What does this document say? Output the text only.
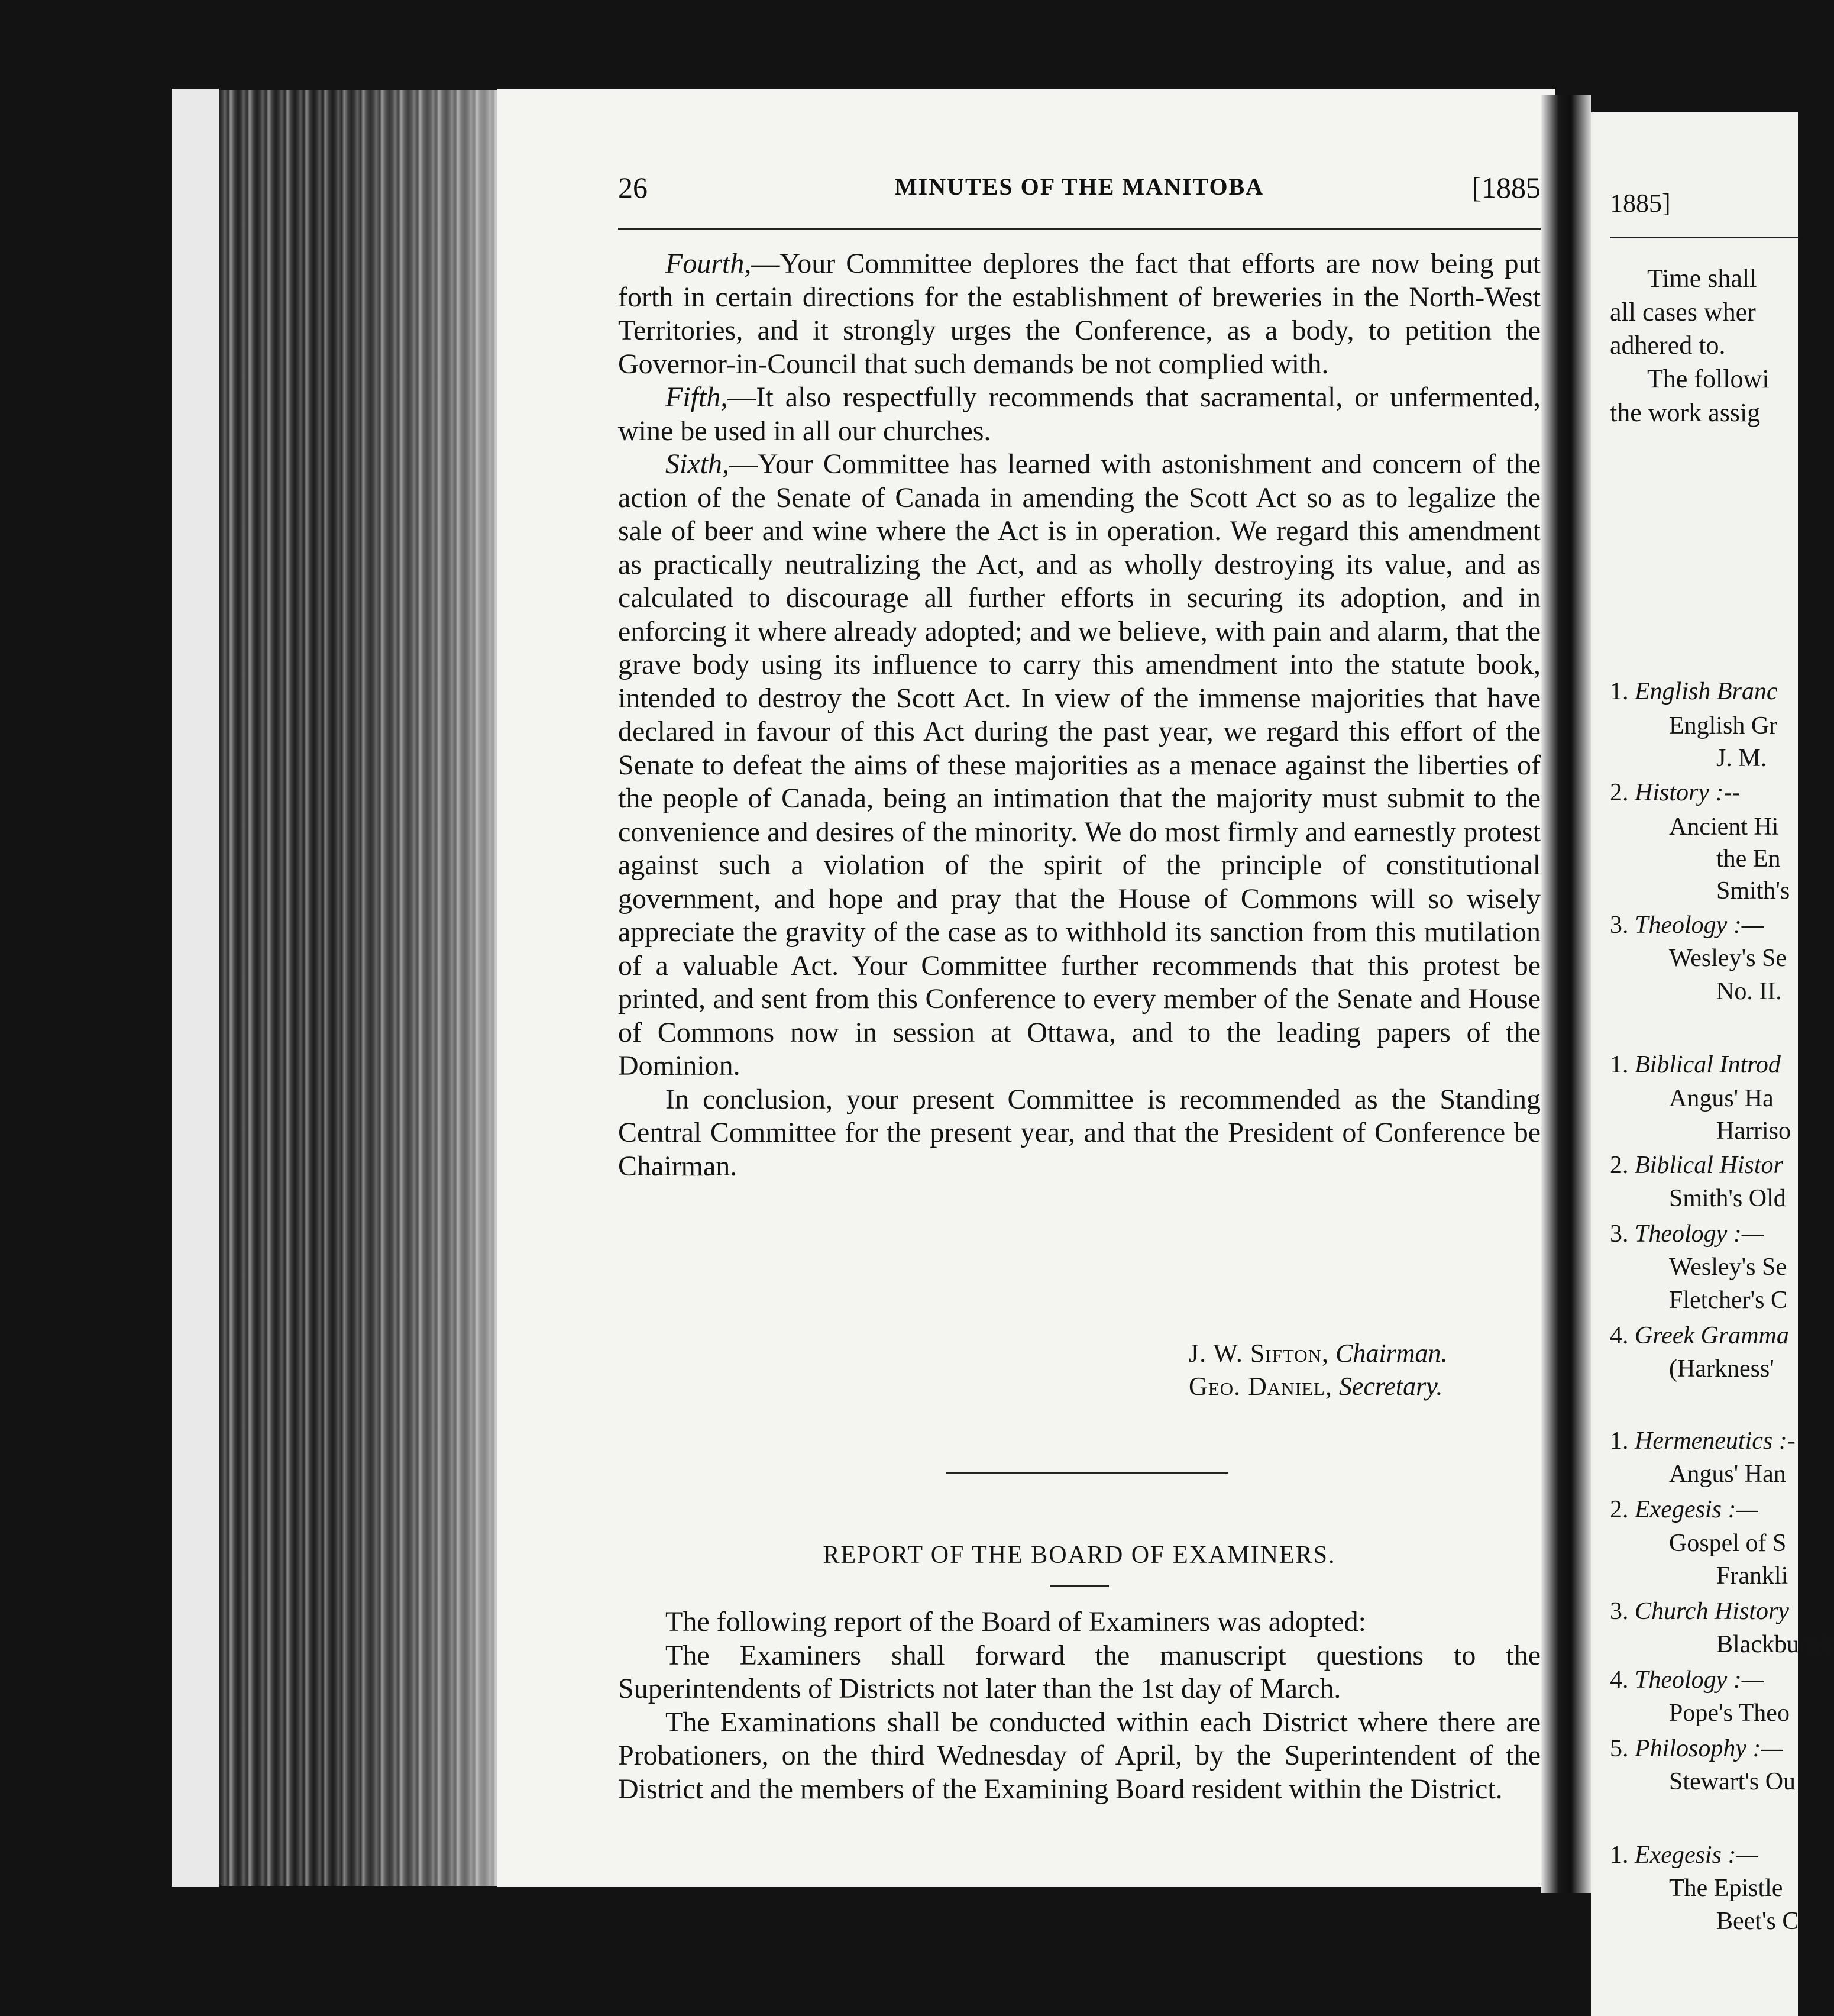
26	MINUTES OF THE MANITOBA	[1885

Fourth,—Your Committee deplores the fact that efforts are now being put forth in certain directions for the establishment of breweries in the North-West Territories, and it strongly urges the Conference, as a body, to petition the Governor-in-Council that such demands be not complied with.

Fifth,—It also respectfully recommends that sacramental, or unfermented, wine be used in all our churches.

Sixth,—Your Committee has learned with astonishment and concern of the action of the Senate of Canada in amending the Scott Act so as to legalize the sale of beer and wine where the Act is in operation. We regard this amendment as practically neutralizing the Act, and as wholly destroying its value, and as calculated to discourage all further efforts in securing its adoption, and in enforcing it where already adopted; and we believe, with pain and alarm, that the grave body using its influence to carry this amendment into the statute book, intended to destroy the Scott Act. In view of the immense majorities that have declared in favour of this Act during the past year, we regard this effort of the Senate to defeat the aims of these majorities as a menace against the liberties of the people of Canada, being an intimation that the majority must submit to the convenience and desires of the minority. We do most firmly and earnestly protest against such a violation of the spirit of the principle of constitutional government, and hope and pray that the House of Commons will so wisely appreciate the gravity of the case as to withhold its sanction from this mutilation of a valuable Act. Your Committee further recommends that this protest be printed, and sent from this Conference to every member of the Senate and House of Commons now in session at Ottawa, and to the leading papers of the Dominion.

In conclusion, your present Committee is recommended as the Standing Central Committee for the present year, and that the President of Conference be Chairman.

J. W. Sifton, Chairman.
Geo. Daniel, Secretary.
REPORT OF THE BOARD OF EXAMINERS.

The following report of the Board of Examiners was adopted:

The Examiners shall forward the manuscript questions to the Superintendents of Districts not later than the 1st day of March.

The Examinations shall be conducted within each District where there are Probationers, on the third Wednesday of April, by the Superintendent of the District and the members of the Examining Board resident within the District.

1885]
Time shall
all cases wher
adhered to.
The followi
the work assig
1. English Branc
English Gr
J. M.
2. History :--
Ancient Hi
the En
Smith's
3. Theology :—
Wesley's Se
No. II.
1. Biblical Introd
Angus' Ha
Harriso
2. Biblical Histor
Smith's Old
3. Theology :—
Wesley's Se
Fletcher's C
4. Greek Gramma
(Harkness'
1. Hermeneutics :-
Angus' Han
2. Exegesis :—
Gospel of S
Frankli
3. Church History
Blackburn's
4. Theology :—
Pope's Theo
5. Philosophy :—
Stewart's Ou
1. Exegesis :—
The Epistle
Beet's C
